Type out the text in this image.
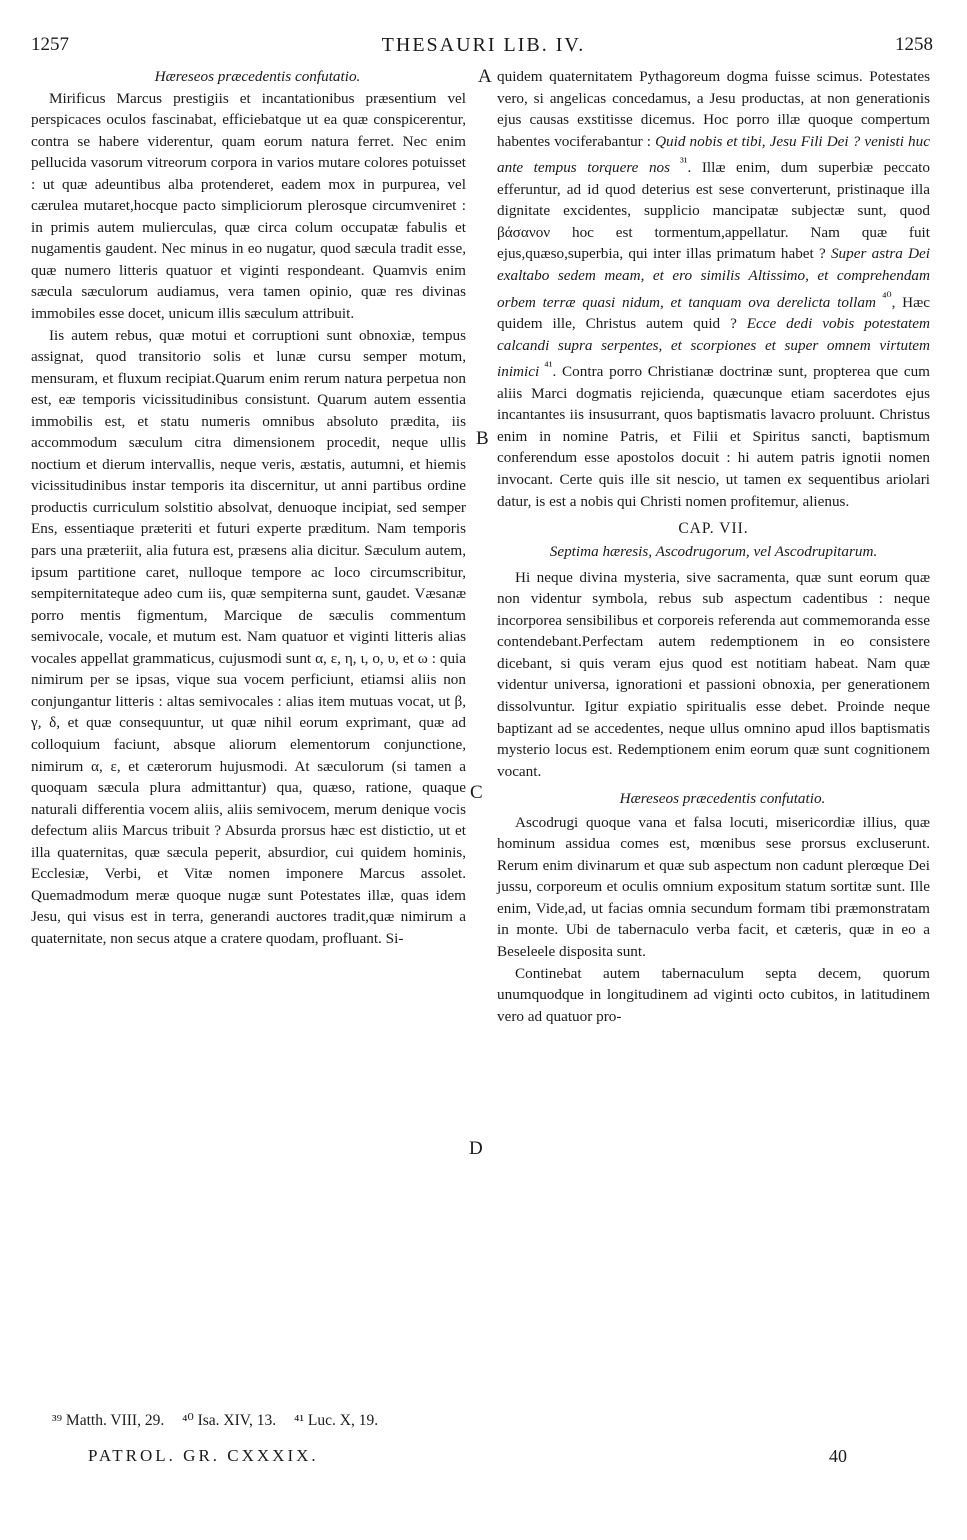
1257	THESAURI LIB. IV.	1258
A
B
C
D

Hæreseos præcedentis confutatio.

Mirificus Marcus prestigiis et incantationibus præsentium vel perspicaces oculos fascinabat, efficiebatque ut ea quæ conspicerentur, contra se habere viderentur, quam eorum natura ferret. Nec enim pellucida vasorum vitreorum corpora in varios mutare colores potuisset : ut quæ adeuntibus alba protenderet, eadem mox in purpurea, vel cærulea mutaret,hocque pacto simpliciorum plerosque circumveniret : in primis autem mulierculas, quæ circa colum occupatæ fabulis et nugamentis gaudent. Nec minus in eo nugatur, quod sæcula tradit esse, quæ numero litteris quatuor et viginti respondeant. Quamvis enim sæcula sæculorum audiamus, vera tamen opinio, quæ res divinas immobiles esse docet, unicum illis sæculum attribuit.

Iis autem rebus, quæ motui et corruptioni sunt obnoxiæ, tempus assignat, quod transitorio solis et lunæ cursu semper motum, mensuram, et fluxum recipiat.Quarum enim rerum natura perpetua non est, eæ temporis vicissitudinibus consistunt. Quarum autem essentia immobilis est, et statu numeris omnibus absoluto prædita, iis accommodum sæculum citra dimensionem procedit, neque ullis noctium et dierum intervallis, neque veris, æstatis, autumni, et hiemis vicissitudinibus instar temporis ita discernitur, ut anni partibus ordine productis curriculum solstitio absolvat, denuoque incipiat, sed semper Ens, essentiaque præteriti et futuri experte præditum. Nam temporis pars una præteriit, alia futura est, præsens alia dicitur. Sæculum autem, ipsum partitione caret, nulloque tempore ac loco circumscribitur, sempiternitateque adeo cum iis, quæ sempiterna sunt, gaudet. Væsanæ porro mentis figmentum, Marcique de sæculis commentum semivocale, vocale, et mutum est. Nam quatuor et viginti litteris alias vocales appellat grammaticus, cujusmodi sunt α, ε, η, ι, ο, υ, et ω : quia nimirum per se ipsas, vique sua vocem perficiunt, etiamsi aliis non conjungantur litteris : altas semivocales : alias item mutuas vocat, ut β, γ, δ, et quæ consequuntur, ut quæ nihil eorum exprimant, quæ ad colloquium faciunt, absque aliorum elementorum conjunctione, nimirum α, ε, et cæterorum hujusmodi. At sæculorum (si tamen a quoquam sæcula plura admittantur) qua, quæso, ratione, quaque naturali differentia vocem aliis, aliis semivocem, merum denique vocis defectum aliis Marcus tribuit ? Absurda prorsus hæc est distictio, ut et illa quaternitas, quæ sæcula peperit, absurdior, cui quidem hominis, Ecclesiæ, Verbi, et Vitæ nomen imponere Marcus assolet. Quemadmodum meræ quoque nugæ sunt Potestates illæ, quas idem Jesu, qui visus est in terra, generandi auctores tradit,quæ nimirum a quaternitate, non secus atque a cratere quodam, profluant. Si-

quidem quaternitatem Pythagoreum dogma fuisse scimus. Potestates vero, si angelicas concedamus, a Jesu productas, at non generationis ejus causas exstitisse dicemus. Hoc porro illæ quoque compertum habentes vociferabantur : Quid nobis et tibi, Jesu Fili Dei ? venisti huc ante tempus torquere nos $^{^{31}}$. Illæ enim, dum superbiæ peccato efferuntur, ad id quod deterius est sese converterunt, pristinaque illa dignitate excidentes, supplicio mancipatæ subjectæ sunt, quod βάσανον hoc est tormentum,appellatur. Nam quæ fuit ejus,quæso,superbia, qui inter illas primatum habet ? Super astra Dei exaltabo sedem meam, et ero similis Altissimo, et comprehendam orbem terræ quasi nidum, et tanquam ova derelicta tollam $^{^{40}}$, Hæc quidem ille, Christus autem quid ? Ecce dedi vobis potestatem calcandi supra serpentes, et scorpiones et super omnem virtutem inimici $^{^{41}}$. Contra porro Christianæ doctrinæ sunt, propterea que cum aliis Marci dogmatis rejicienda, quæcunque etiam sacerdotes ejus incantantes iis insusurrant, quos baptismatis lavacro proluunt. Christus enim in nomine Patris, et Filii et Spiritus sancti, baptismum conferendum esse apostolos docuit : hi autem patris ignotii nomen invocant. Certe quis ille sit nescio, ut tamen ex sequentibus ariolari datur, is est a nobis qui Christi nomen profitemur, alienus.

CAP. VII.
Septima hæresis, Ascodrugorum, vel Ascodrupitarum.

Hi neque divina mysteria, sive sacramenta, quæ sunt eorum quæ non videntur symbola, rebus sub aspectum cadentibus : neque incorporea sensibilibus et corporeis referenda aut commemoranda esse contendebant.Perfectam autem redemptionem in eo consistere dicebant, si quis veram ejus quod est notitiam habeat. Nam quæ videntur universa, ignorationi et passioni obnoxia, per generationem dissolvuntur. Igitur expiatio spiritualis esse debet. Proinde neque baptizant ad se accedentes, neque ullus omnino apud illos baptismatis mysterio locus est. Redemptionem enim eorum quæ sunt cognitionem vocant.

Hæreseos præcedentis confutatio.

Ascodrugi quoque vana et falsa locuti, misericordiæ illius, quæ hominum assidua comes est, mœnibus sese prorsus excluserunt. Rerum enim divinarum et quæ sub aspectum non cadunt plerœque Dei jussu, corporeum et oculis omnium expositum statum sortitæ sunt. Ille enim, Vide,ad, ut facias omnia secundum formam tibi præmonstratam in monte. Ubi de tabernaculo verba facit, et cæteris, quæ in eo a Beseleele disposita sunt.

Continebat autem tabernaculum septa decem, quorum unumquodque in longitudinem ad viginti octo cubitos, in latitudinem vero ad quatuor pro-

³⁹ Matth. VIII, 29. ⁴⁰ Isa. XIV, 13. ⁴¹ Luc. X, 19.
PATROL. GR. CXXXIX.	40
